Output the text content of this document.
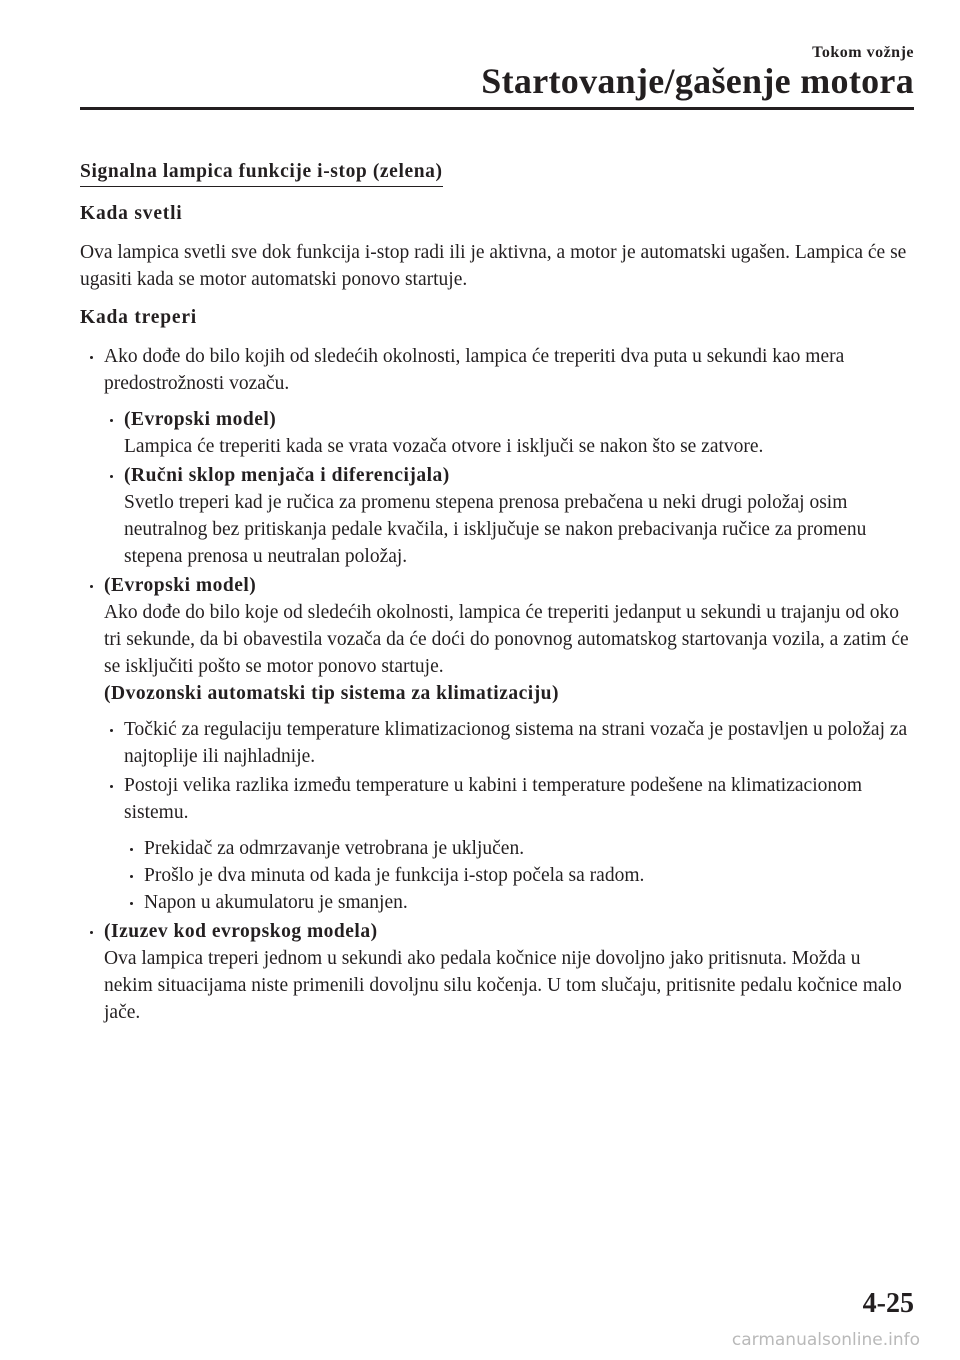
Tokom vožnje
Startovanje/gašenje motora
Signalna lampica funkcije i-stop (zelena)
Kada svetli

Ova lampica svetli sve dok funkcija i-stop radi ili je aktivna, a motor je automatski ugašen. Lampica će se ugasiti kada se motor automatski ponovo startuje.

Kada treperi
Ako dođe do bilo kojih od sledećih okolnosti, lampica će treperiti dva puta u sekundi kao mera predostrožnosti vozaču.
(Evropski model)
Lampica će treperiti kada se vrata vozača otvore i isključi se nakon što se zatvore.
(Ručni sklop menjača i diferencijala)
Svetlo treperi kad je ručica za promenu stepena prenosa prebačena u neki drugi položaj osim neutralnog bez pritiskanja pedale kvačila, i isključuje se nakon prebacivanja ručice za promenu stepena prenosa u neutralan položaj.
(Evropski model)
Ako dođe do bilo koje od sledećih okolnosti, lampica će treperiti jedanput u sekundi u trajanju od oko tri sekunde, da bi obavestila vozača da će doći do ponovnog automatskog startovanja vozila, a zatim će se isključiti pošto se motor ponovo startuje.
(Dvozonski automatski tip sistema za klimatizaciju)
Točkić za regulaciju temperature klimatizacionog sistema na strani vozača je postavljen u položaj za najtoplije ili najhladnije.
Postoji velika razlika između temperature u kabini i temperature podešene na klimatizacionom sistemu.
Prekidač za odmrzavanje vetrobrana je uključen.
Prošlo je dva minuta od kada je funkcija i-stop počela sa radom.
Napon u akumulatoru je smanjen.
(Izuzev kod evropskog modela)
Ova lampica treperi jednom u sekundi ako pedala kočnice nije dovoljno jako pritisnuta. Možda u nekim situacijama niste primenili dovoljnu silu kočenja. U tom slučaju, pritisnite pedalu kočnice malo jače.
4-25
carmanualsonline.info
